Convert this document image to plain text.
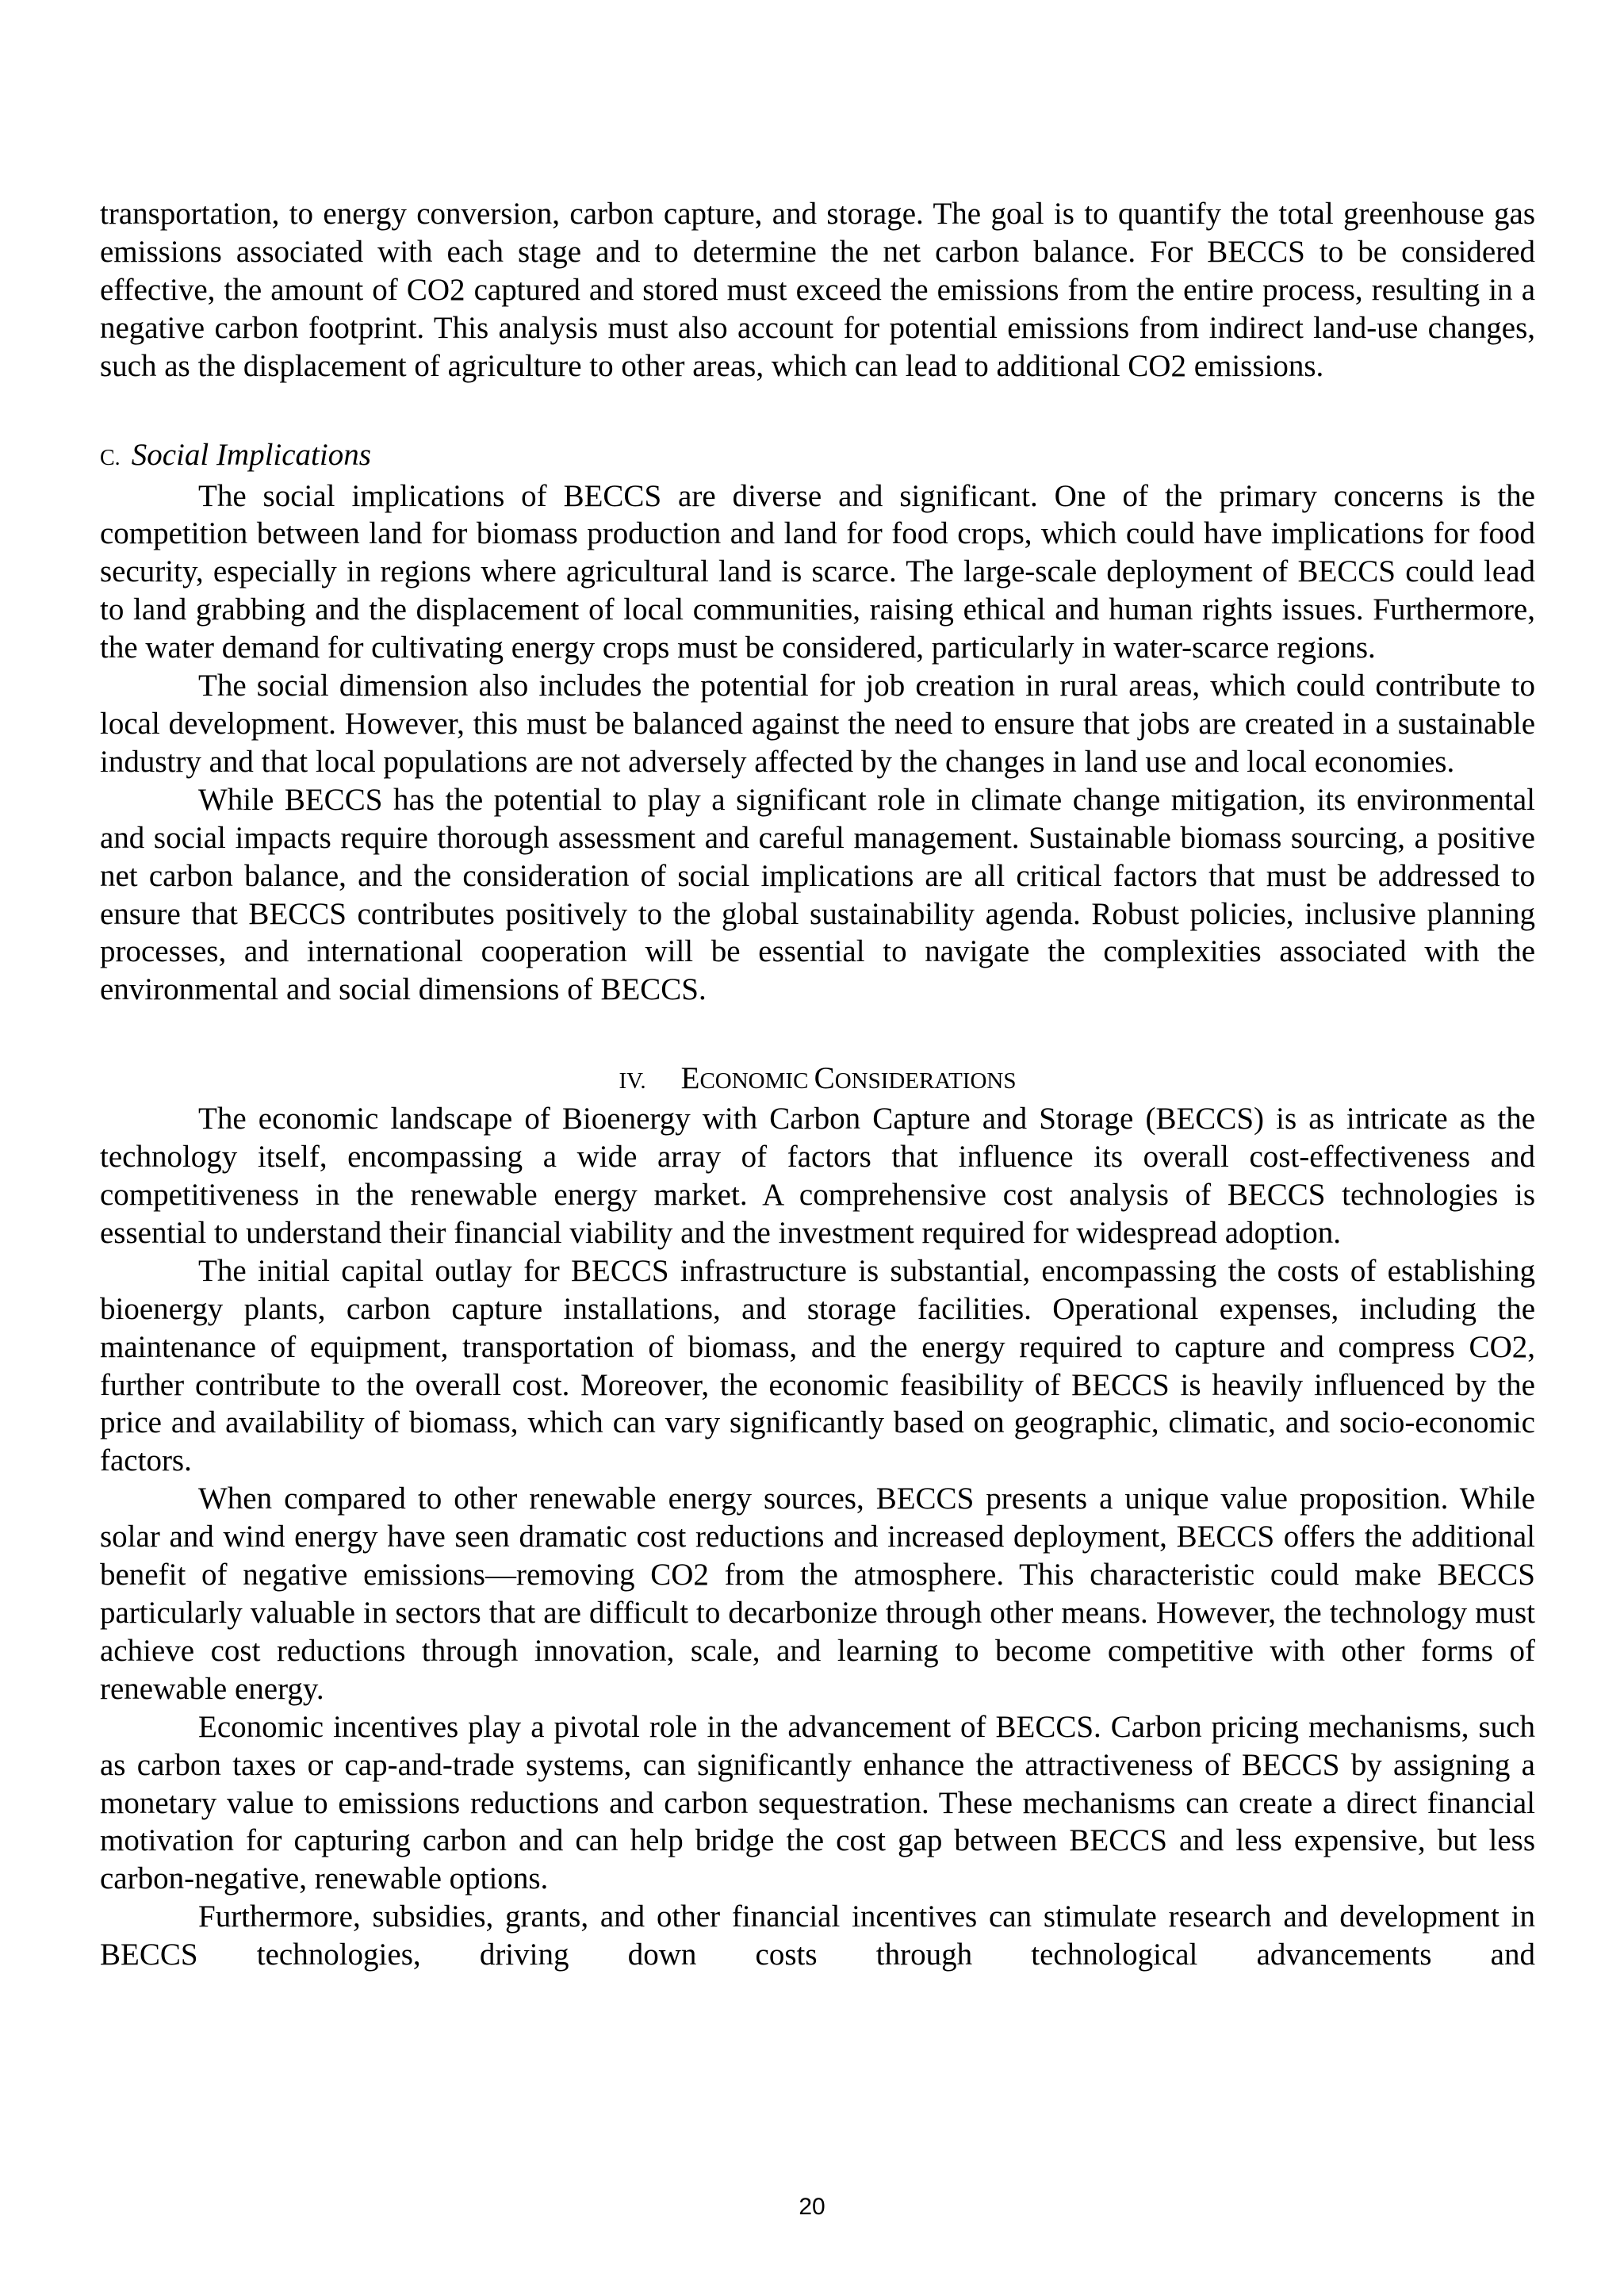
transportation, to energy conversion, carbon capture, and storage. The goal is to quantify the total greenhouse gas emissions associated with each stage and to determine the net carbon balance. For BECCS to be considered effective, the amount of CO2 captured and stored must exceed the emissions from the entire process, resulting in a negative carbon footprint. This analysis must also account for potential emissions from indirect land-use changes, such as the displacement of agriculture to other areas, which can lead to additional CO2 emissions.

C. Social Implications

The social implications of BECCS are diverse and significant. One of the primary concerns is the competition between land for biomass production and land for food crops, which could have implications for food security, especially in regions where agricultural land is scarce. The large-scale deployment of BECCS could lead to land grabbing and the displacement of local communities, raising ethical and human rights issues. Furthermore, the water demand for cultivating energy crops must be considered, particularly in water-scarce regions.

The social dimension also includes the potential for job creation in rural areas, which could contribute to local development. However, this must be balanced against the need to ensure that jobs are created in a sustainable industry and that local populations are not adversely affected by the changes in land use and local economies.

While BECCS has the potential to play a significant role in climate change mitigation, its environmental and social impacts require thorough assessment and careful management. Sustainable biomass sourcing, a positive net carbon balance, and the consideration of social implications are all critical factors that must be addressed to ensure that BECCS contributes positively to the global sustainability agenda. Robust policies, inclusive planning processes, and international cooperation will be essential to navigate the complexities associated with the environmental and social dimensions of BECCS.

IV. ECONOMIC CONSIDERATIONS

The economic landscape of Bioenergy with Carbon Capture and Storage (BECCS) is as intricate as the technology itself, encompassing a wide array of factors that influence its overall cost-effectiveness and competitiveness in the renewable energy market. A comprehensive cost analysis of BECCS technologies is essential to understand their financial viability and the investment required for widespread adoption.

The initial capital outlay for BECCS infrastructure is substantial, encompassing the costs of establishing bioenergy plants, carbon capture installations, and storage facilities. Operational expenses, including the maintenance of equipment, transportation of biomass, and the energy required to capture and compress CO2, further contribute to the overall cost. Moreover, the economic feasibility of BECCS is heavily influenced by the price and availability of biomass, which can vary significantly based on geographic, climatic, and socio-economic factors.

When compared to other renewable energy sources, BECCS presents a unique value proposition. While solar and wind energy have seen dramatic cost reductions and increased deployment, BECCS offers the additional benefit of negative emissions—removing CO2 from the atmosphere. This characteristic could make BECCS particularly valuable in sectors that are difficult to decarbonize through other means. However, the technology must achieve cost reductions through innovation, scale, and learning to become competitive with other forms of renewable energy.

Economic incentives play a pivotal role in the advancement of BECCS. Carbon pricing mechanisms, such as carbon taxes or cap-and-trade systems, can significantly enhance the attractiveness of BECCS by assigning a monetary value to emissions reductions and carbon sequestration. These mechanisms can create a direct financial motivation for capturing carbon and can help bridge the cost gap between BECCS and less expensive, but less carbon-negative, renewable options.

Furthermore, subsidies, grants, and other financial incentives can stimulate research and development in BECCS technologies, driving down costs through technological advancements and

20
